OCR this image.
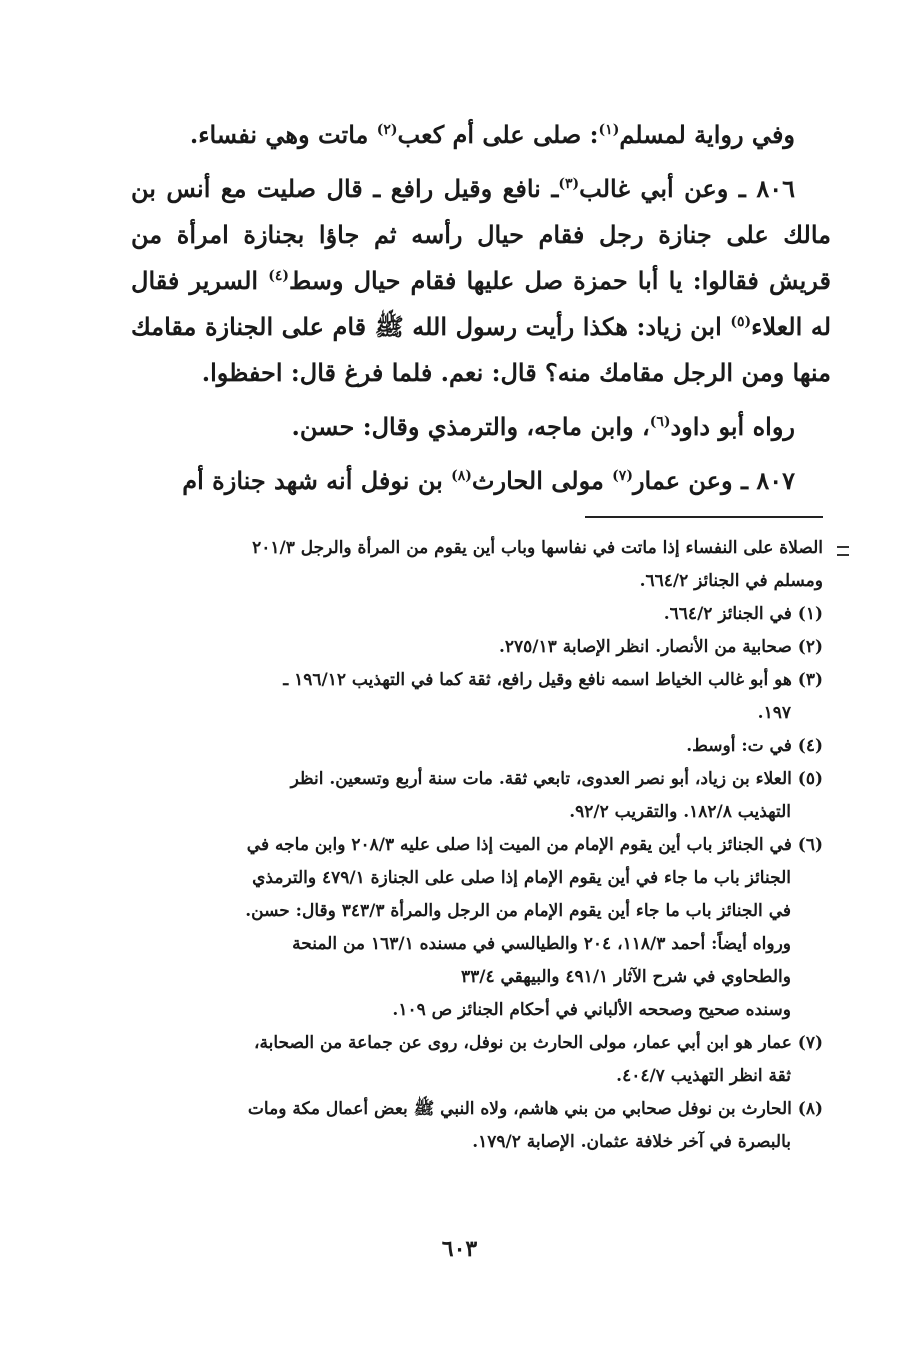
وفي رواية لمسلم$^{(١)}$: صلى على أم كعب$^{(٢)}$ ماتت وهي نفساء.

٨٠٦ ـ وعن أبي غالب$^{(٣)}$ـ نافع وقيل رافع ـ قال صليت مع أنس بن مالك على جنازة رجل فقام حيال رأسه ثم جاؤا بجنازة امرأة من قريش فقالوا: يا أبا حمزة صل عليها فقام حيال وسط$^{(٤)}$ السرير فقال له العلاء$^{(٥)}$ ابن زياد: هكذا رأيت رسول الله ﷺ قام على الجنازة مقامك منها ومن الرجل مقامك منه؟ قال: نعم. فلما فرغ قال: احفظوا.

رواه أبو داود$^{(٦)}$، وابن ماجه، والترمذي وقال: حسن.

٨٠٧ ـ وعن عمار$^{(٧)}$ مولى الحارث$^{(٨)}$ بن نوفل أنه شهد جنازة أم

الصلاة على النفساء إذا ماتت في نفاسها وباب أين يقوم من المرأة والرجل ٢٠١/٣
ومسلم في الجنائز ٦٦٤/٢.
(١) في الجنائز ٦٦٤/٢.
(٢) صحابية من الأنصار. انظر الإصابة ٢٧٥/١٣.
(٣) هو أبو غالب الخياط اسمه نافع وقيل رافع، ثقة كما في التهذيب ١٩٦/١٢ ـ
١٩٧.
(٤) في ت: أوسط.
(٥) العلاء بن زياد، أبو نصر العدوى، تابعي ثقة. مات سنة أربع وتسعين. انظر
التهذيب ١٨٢/٨. والتقريب ٩٢/٢.
(٦) في الجنائز باب أين يقوم الإمام من الميت إذا صلى عليه ٢٠٨/٣ وابن ماجه في
الجنائز باب ما جاء في أين يقوم الإمام إذا صلى على الجنازة ٤٧٩/١ والترمذي
في الجنائز باب ما جاء أين يقوم الإمام من الرجل والمرأة ٣٤٣/٣ وقال: حسن.
ورواه أيضاً: أحمد ١١٨/٣، ٢٠٤ والطيالسي في مسنده ١٦٣/١ من المنحة
والطحاوي في شرح الآثار ٤٩١/١ والبيهقي ٣٣/٤
وسنده صحيح وصححه الألباني في أحكام الجنائز ص ١٠٩.
(٧) عمار هو ابن أبي عمار، مولى الحارث بن نوفل، روى عن جماعة من الصحابة،
ثقة انظر التهذيب ٤٠٤/٧.
(٨) الحارث بن نوفل صحابي من بني هاشم، ولاه النبي ﷺ بعض أعمال مكة ومات
بالبصرة في آخر خلافة عثمان. الإصابة ١٧٩/٢.
٦٠٣
